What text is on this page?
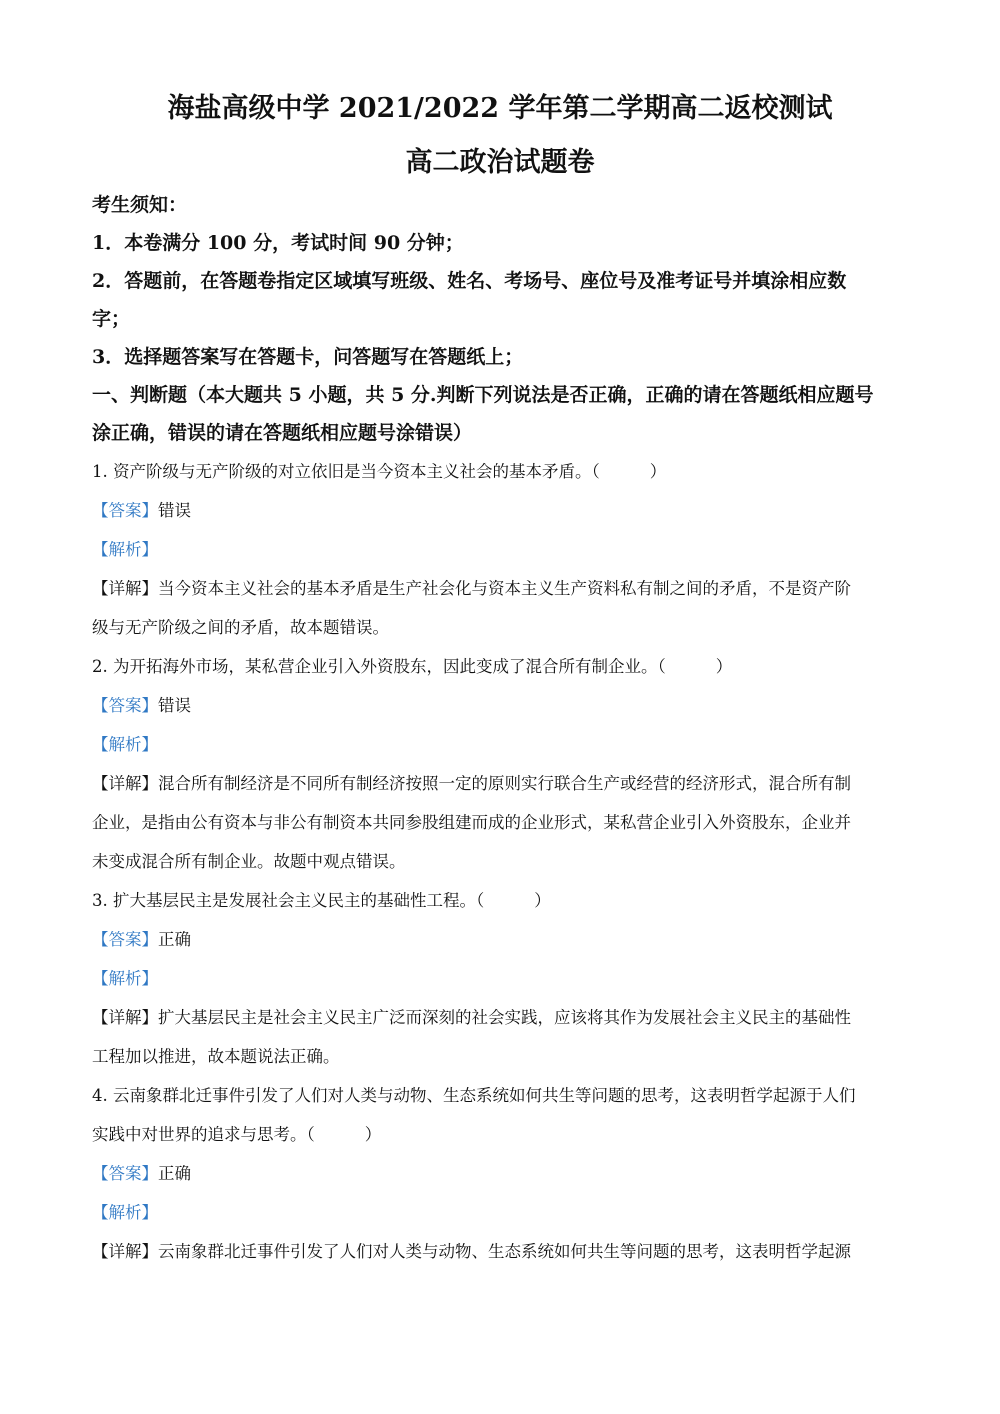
海盐高级中学 2021/2022 学年第二学期高二返校测试
高二政治试题卷
考生须知：
1．本卷满分 100 分，考试时间 90 分钟；
2．答题前，在答题卷指定区域填写班级、姓名、考场号、座位号及准考证号并填涂相应数
字；
3．选择题答案写在答题卡，问答题写在答题纸上；
一、判断题（本大题共 5 小题，共 5 分.判断下列说法是否正确，正确的请在答题纸相应题号
涂正确，错误的请在答题纸相应题号涂错误）
1. 资产阶级与无产阶级的对立依旧是当今资本主义社会的基本矛盾。（	）
【答案】错误
【解析】
【详解】当今资本主义社会的基本矛盾是生产社会化与资本主义生产资料私有制之间的矛盾，不是资产阶
级与无产阶级之间的矛盾，故本题错误。
2. 为开拓海外市场，某私营企业引入外资股东，因此变成了混合所有制企业。（	）
【答案】错误
【解析】
【详解】混合所有制经济是不同所有制经济按照一定的原则实行联合生产或经营的经济形式，混合所有制
企业，是指由公有资本与非公有制资本共同参股组建而成的企业形式，某私营企业引入外资股东，企业并
未变成混合所有制企业。故题中观点错误。
3. 扩大基层民主是发展社会主义民主的基础性工程。（	）
【答案】正确
【解析】
【详解】扩大基层民主是社会主义民主广泛而深刻的社会实践，应该将其作为发展社会主义民主的基础性
工程加以推进，故本题说法正确。
4. 云南象群北迁事件引发了人们对人类与动物、生态系统如何共生等问题的思考，这表明哲学起源于人们
实践中对世界的追求与思考。（	）
【答案】正确
【解析】
【详解】云南象群北迁事件引发了人们对人类与动物、生态系统如何共生等问题的思考，这表明哲学起源
